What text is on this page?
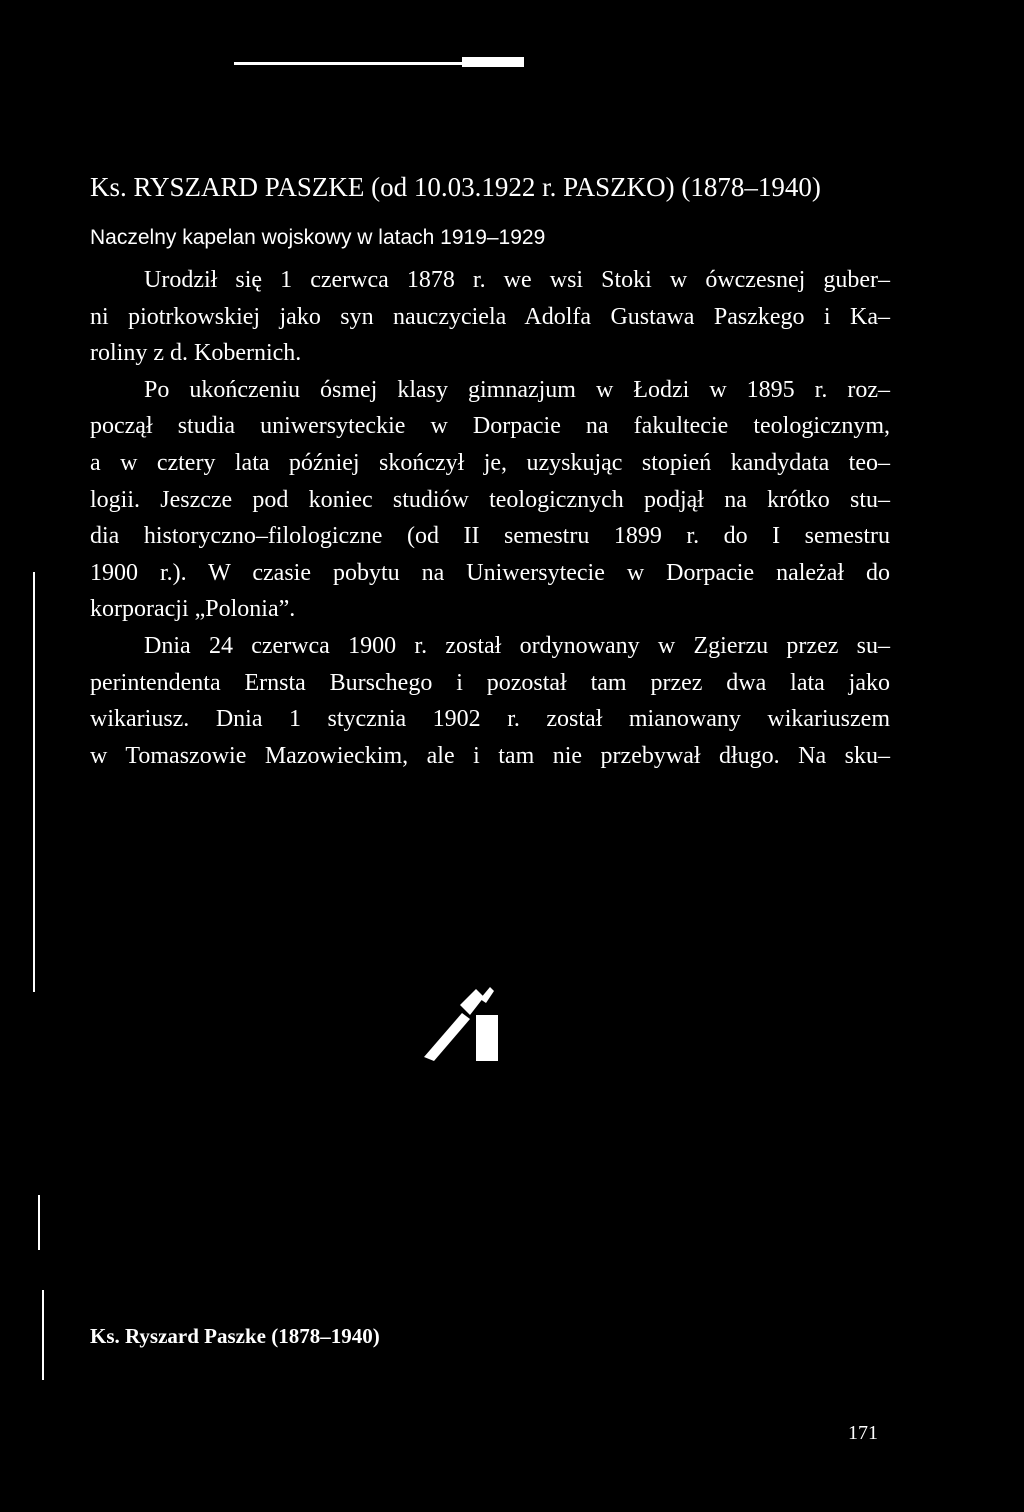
Ks. RYSZARD PASZKE (od 10.03.1922 r. PASZKO) (1878–1940)
Naczelny kapelan wojskowy w latach 1919–1929
Urodził się 1 czerwca 1878 r. we wsi Stoki w ówczesnej guber–
ni piotrkowskiej jako syn nauczyciela Adolfa Gustawa Paszkego i Ka–
roliny z d. Kobernich.
Po ukończeniu ósmej klasy gimnazjum w Łodzi w 1895 r. roz–
począł studia uniwersyteckie w Dorpacie na fakultecie teologicznym,
a w cztery lata później skończył je, uzyskując stopień kandydata teo–
logii. Jeszcze pod koniec studiów teologicznych podjął na krótko stu–
dia historyczno–filologiczne (od II semestru 1899 r. do I semestru
1900 r.). W czasie pobytu na Uniwersytecie w Dorpacie należał do
korporacji „Polonia”.
Dnia 24 czerwca 1900 r. został ordynowany w Zgierzu przez su–
perintendenta Ernsta Burschego i pozostał tam przez dwa lata jako
wikariusz. Dnia 1 stycznia 1902 r. został mianowany wikariuszem
w Tomaszowie Mazowieckim, ale i tam nie przebywał długo. Na sku–
Ks. Ryszard Paszke (1878–1940)
171
